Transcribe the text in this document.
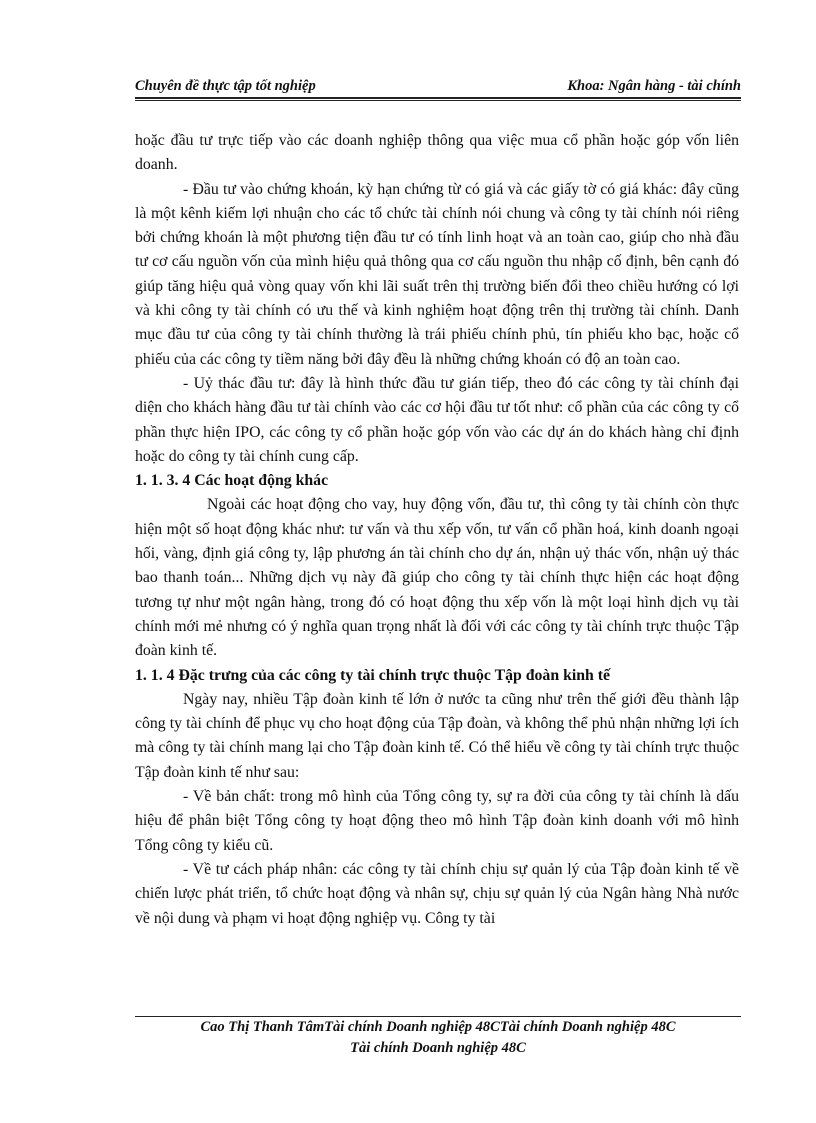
Chuyên đề thực tập tốt nghiệp	Khoa: Ngân hàng - tài chính

hoặc đầu tư trực tiếp vào các doanh nghiệp thông qua việc mua cổ phần hoặc góp vốn liên doanh.

- Đầu tư vào chứng khoán, kỳ hạn chứng từ có giá và các giấy tờ có giá khác: đây cũng là một kênh kiếm lợi nhuận cho các tổ chức tài chính nói chung và công ty tài chính nói riêng bởi chứng khoán là một phương tiện đầu tư có tính linh hoạt và an toàn cao, giúp cho nhà đầu tư cơ cấu nguồn vốn của mình hiệu quả thông qua cơ cấu nguồn thu nhập cố định, bên cạnh đó giúp tăng hiệu quả vòng quay vốn khi lãi suất trên thị trường biến đổi theo chiều hướng có lợi và khi công ty tài chính có ưu thế và kinh nghiệm hoạt động trên thị trường tài chính. Danh mục đầu tư của công ty tài chính thường là trái phiếu chính phủ, tín phiếu kho bạc, hoặc cổ phiếu của các công ty tiềm năng bởi đây đều là những chứng khoán có độ an toàn cao.

- Uỷ thác đầu tư: đây là hình thức đầu tư gián tiếp, theo đó các công ty tài chính đại diện cho khách hàng đầu tư tài chính vào các cơ hội đầu tư tốt như: cổ phần của các công ty cổ phần thực hiện IPO, các công ty cổ phần hoặc góp vốn vào các dự án do khách hàng chỉ định hoặc do công ty tài chính cung cấp.

1. 1. 3. 4 Các hoạt động khác

Ngoài các hoạt động cho vay, huy động vốn, đầu tư, thì công ty tài chính còn thực hiện một số hoạt động khác như: tư vấn và thu xếp vốn, tư vấn cổ phần hoá, kinh doanh ngoại hối, vàng, định giá công ty, lập phương án tài chính cho dự án, nhận uỷ thác vốn, nhận uỷ thác bao thanh toán... Những dịch vụ này đã giúp cho công ty tài chính thực hiện các hoạt động tương tự như một ngân hàng, trong đó có hoạt động thu xếp vốn là một loại hình dịch vụ tài chính mới mẻ nhưng có ý nghĩa quan trọng nhất là đối với các công ty tài chính trực thuộc Tập đoàn kinh tế.

1. 1. 4 Đặc trưng của các công ty tài chính trực thuộc Tập đoàn kinh tế

Ngày nay, nhiều Tập đoàn kinh tế lớn ở nước ta cũng như trên thế giới đều thành lập công ty tài chính để phục vụ cho hoạt động của Tập đoàn, và không thể phủ nhận những lợi ích mà công ty tài chính mang lại cho Tập đoàn kinh tế. Có thể hiểu về công ty tài chính trực thuộc Tập đoàn kinh tế như sau:

- Về bản chất: trong mô hình của Tổng công ty, sự ra đời của công ty tài chính là dấu hiệu để phân biệt Tổng công ty hoạt động theo mô hình Tập đoàn kinh doanh với mô hình Tổng công ty kiểu cũ.

- Về tư cách pháp nhân: các công ty tài chính chịu sự quản lý của Tập đoàn kinh tế về chiến lược phát triển, tổ chức hoạt động và nhân sự, chịu sự quản lý của Ngân hàng Nhà nước về nội dung và phạm vi hoạt động nghiệp vụ. Công ty tài

Cao Thị Thanh TâmTài chính Doanh nghiệp 48CTài chính Doanh nghiệp 48C
Tài chính Doanh nghiệp 48C
